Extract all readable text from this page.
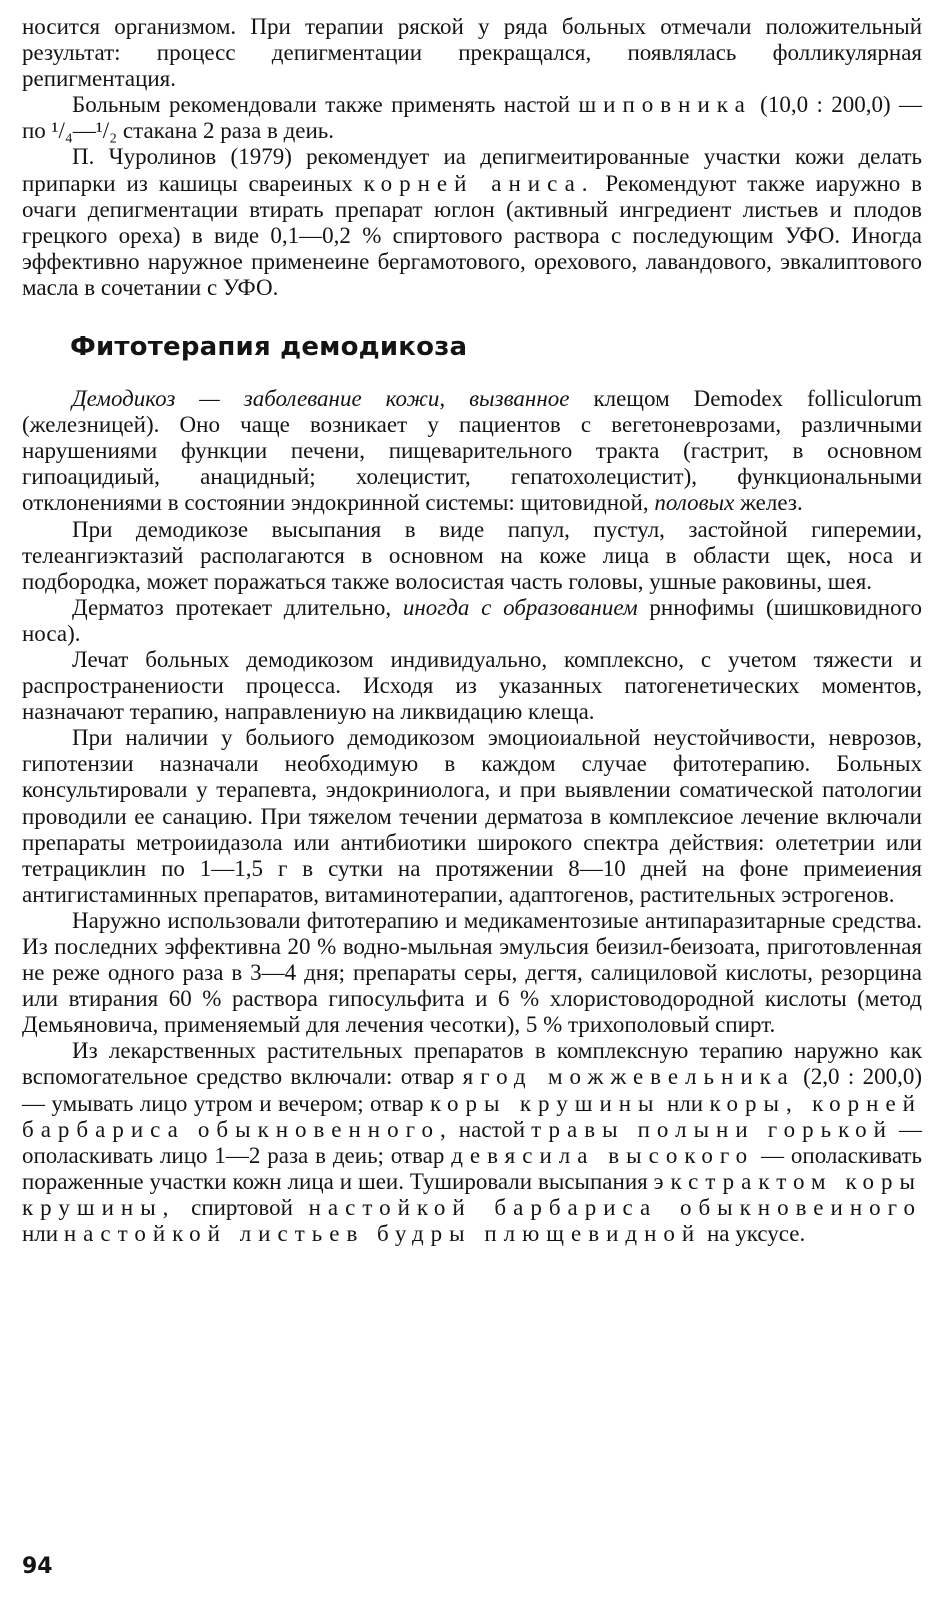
носится организмом. При терапии ряской у ряда больных отмечали положительный результат: процесс депигментации прекращался, появлялась фолликулярная репигментация.

Больным рекомендовали также применять настой шиповника (10,0 : 200,0) — по ¹/₄—¹/₂ стакана 2 раза в деиь.

П. Чуролинов (1979) рекомендует иа депигмеитированные участки кожи делать припарки из кашицы свареиных корней аниса. Рекомендуют также иаружно в очаги депигментации втирать препарат юглон (активный ингредиент листьев и плодов грецкого ореха) в виде 0,1—0,2 % спиртового раствора с последующим УФО. Иногда эффективно наружное применеине бергамотового, орехового, лавандового, эвкалиптового масла в сочетании с УФО.

Фитотерапия демодикоза

Демодикоз — заболевание кожи, вызванное клещом Demodex folliculorum (железницей). Оно чаще возникает у пациентов с вегетоневрозами, различными нарушениями функции печени, пищеварительного тракта (гастрит, в основном гипоацидиый, анацидный; холецистит, гепатохолецистит), функциональными отклонениями в состоянии эндокринной системы: щитовидной, половых желез.

При демодикозе высыпания в виде папул, пустул, застойной гиперемии, телеангиэктазий располагаются в основном на коже лица в области щек, носа и подбородка, может поражаться также волосистая часть головы, ушные раковины, шея.

Дерматоз протекает длительно, иногда с образованием рннофимы (шишковидного носа).

Лечат больных демодикозом индивидуально, комплексно, с учетом тяжести и распространениости процесса. Исходя из указанных патогенетических моментов, назначают терапию, направлениую на ликвидацию клеща.

При наличии у больиого демодикозом эмоциоиальной неустойчивости, неврозов, гипотензии назначали необходимую в каждом случае фитотерапию. Больных консультировали у терапевта, эндокриниолога, и при выявлении соматической патологии проводили ее санацию. При тяжелом течении дерматоза в комплексиое лечение включали препараты метроиидазола или антибиотики широкого спектра действия: олететрии или тетрациклин по 1—1,5 г в сутки на протяжении 8—10 дней на фоне примеиения антигистаминных препаратов, витаминотерапии, адаптогенов, растительных эстрогенов.

Наружно использовали фитотерапию и медикаментозиые антипаразитарные средства. Из последних эффективна 20 % водно-мыльная эмульсия беизил-беизоата, приготовленная не реже одного раза в 3—4 дня; препараты серы, дегтя, салициловой кислоты, резорцина или втирания 60 % раствора гипосульфита и 6 % хлористоводородной кислоты (метод Демьяновича, применяемый для лечения чесотки), 5 % трихополовый спирт.

Из лекарственных растительных препаратов в комплексную терапию наружно как вспомогательное средство включали: отвар ягод можжевельника (2,0 : 200,0) — умывать лицо утром и вечером; отвар коры крушины нли коры, корней барбариса обыкновенного, настой травы полыни горькой — ополаскивать лицо 1—2 раза в деиь; отвар девясила высокого — ополаскивать пораженные участки кожн лица и шеи. Тушировали высыпания экстрактом коры крушины, спиртовой настойкой барбариса обыкновеиного нли настойкой листьев будры плющевидной на уксусе.

94
